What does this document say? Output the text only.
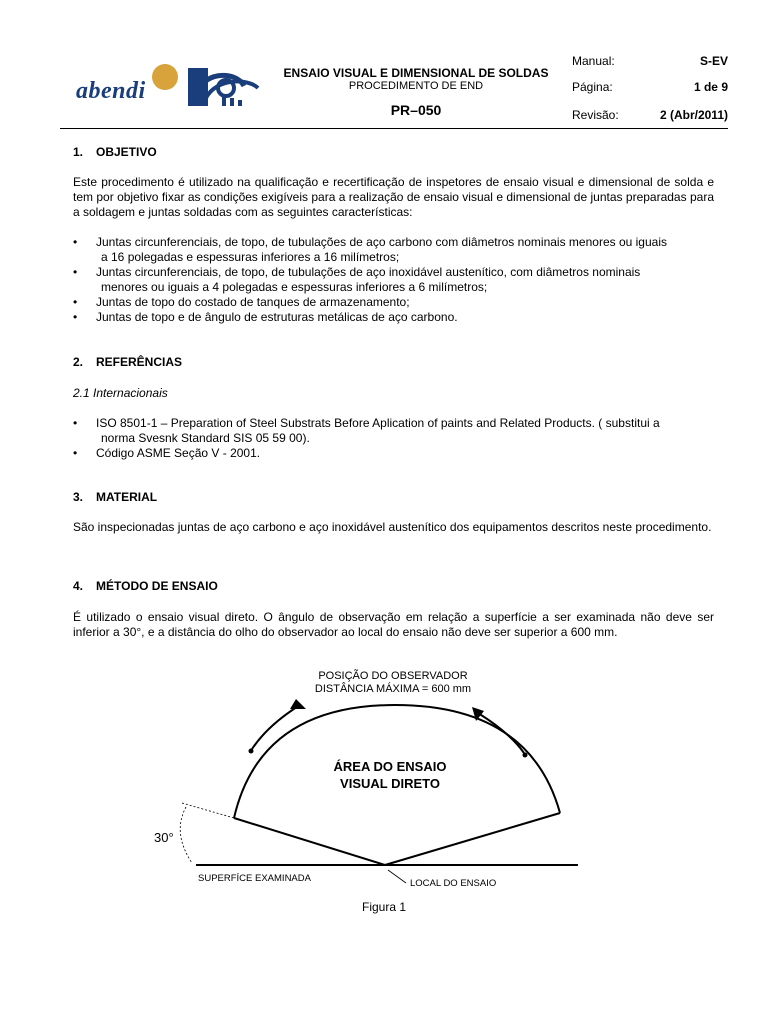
abendi
ENSAIO VISUAL E DIMENSIONAL DE SOLDAS
PROCEDIMENTO DE END
PR–050
Manual:	S-EV
Página:	1 de 9
Revisão:	2 (Abr/2011)
1. OBJETIVO
Este procedimento é utilizado na qualificação e recertificação de inspetores de ensaio visual e dimensional de solda e tem por objetivo fixar as condições exigíveis para a realização de ensaio visual e dimensional de juntas preparadas para a soldagem e juntas soldadas com as seguintes características:
• Juntas circunferenciais, de topo, de tubulações de aço carbono com diâmetros nominais menores ou iguais
a 16 polegadas e espessuras inferiores a 16 milímetros;
• Juntas circunferenciais, de topo, de tubulações de aço inoxidável austenítico, com diâmetros nominais
menores ou iguais a 4 polegadas e espessuras inferiores a 6 milímetros;
• Juntas de topo do costado de tanques de armazenamento;
• Juntas de topo e de ângulo de estruturas metálicas de aço carbono.
2. REFERÊNCIAS
2.1 Internacionais
• ISO 8501-1 – Preparation of Steel Substrats Before Aplication of paints and Related Products. ( substitui a
norma Svesnk Standard SIS 05 59 00).
• Código ASME Seção V - 2001.
3. MATERIAL
São inspecionadas juntas de aço carbono e aço inoxidável austenítico dos equipamentos descritos neste procedimento.
4. MÉTODO DE ENSAIO
É utilizado o ensaio visual direto. O ângulo de observação em relação a superfície a ser examinada não deve ser inferior a 30°, e a distância do olho do observador ao local do ensaio não deve ser superior a 600 mm.
POSIÇÃO DO OBSERVADOR
DISTÂNCIA MÁXIMA = 600 mm
ÁREA DO ENSAIO
VISUAL DIRETO
30°
SUPERFÍCE EXAMINADA	LOCAL DO ENSAIO
Figura 1
